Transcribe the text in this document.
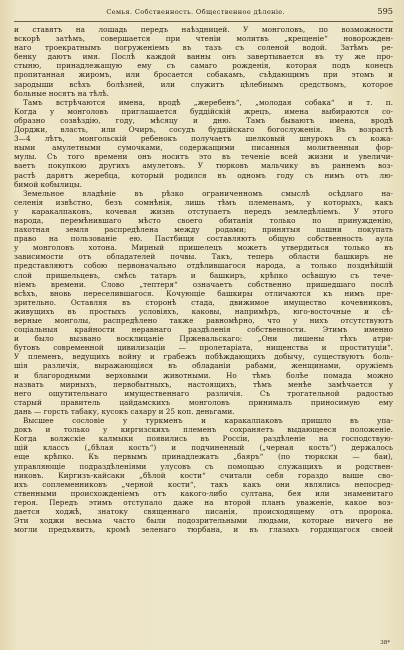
Семья. Собственность. Общественное дѣленіе.	595
и ставятъ на лошадь передъ наѣздницей. У монголовъ, по возможности
вскорѣ затѣмъ, совершается при чтеніи молитвъ „крещеніе“ новорожден-
наго троекратнымъ погруженіемъ въ тазъ съ соленой водой. Затѣмъ ре-
бенку даютъ имя. Послѣ каждой ванны онъ завертывается въ ту же про-
стыню, принадлежащую ему съ самаго рожденія, которая подъ конецъ
пропитанная жиромъ, или бросается собакамъ, съѣдающимъ при этомъ и
зародыши всѣхъ болѣзней, или служитъ цѣлебнымъ средствомъ, которое
больные носятъ на тѣлѣ.
Тамъ встрѣчаются имена, вродѣ „жеребенъ“, „молодая собака“ и т. п.
Когда у монголовъ приглашается буддійскій жрецъ, имена выбираются со-
образно созвѣздію, году, мѣсяцу и дню. Тамъ бываютъ имена, вродѣ
Дорджи, власть, или Очиръ, сосудъ буддійскаго богослуженія. Въ возрастѣ
3—4 лѣтъ, монгольскій ребенокъ получаетъ шелковый шнурокъ съ кожа-
ными амулетными сумочками, содержащими писанныя молитвенныя фор-
мулы. Съ того времени онъ носитъ это въ теченіе всей жизни и увеличи-
ваетъ покупкою другихъ амулетовъ. У тюрковъ мальчику въ раннемъ воз-
растѣ дарятъ жеребца, который родился въ одномъ году съ нимъ отъ лю-
бимой кобылицы.
Земельное владѣніе въ рѣзко ограниченномъ смыслѣ осѣдлаго на-
селенія извѣстно, безъ сомнѣнія, лишь тѣмъ племенамъ, у которыхъ, какъ
у каракалпаковъ, кочевая жизнь отступаетъ передъ земледѣліемъ. У этого
народа, перемѣнившаго мѣсто своего обитанія только по принужденію,
пахотная земля распредѣлена между родами; принятыя пашни покупать
право на пользованіе ею. Пастбищя составляютъ общую собственность аула
у монголовъ хотона. Мирный пришелецъ можетъ утвердиться только въ
зависимости отъ обладателей почвы. Такъ, теперь области башкиръ не
представляютъ собою первоначально отдѣлившагося народа, а только позднѣйшій
слой пришельцевъ, смѣсь татаръ и башкиръ, крѣпко осѣвшую съ тече-
ніемъ времени. Слово „тептеря“ означаетъ собственно пришедшаго послѣ
всѣхъ, вновь переселившагося. Кочующіе башкиры отличаются къ нимъ пре-
зрительно. Оставляя въ сторонѣ стада, движимое имущество кочевниковъ,
живущихъ въ простыхъ условіяхъ, каковы, напримѣръ, юго-восточные и сѣ-
верные монголы, распредѣлено также равномѣрно, что у нихъ отсутствуютъ
соціальныя крайности неравнаго раздѣленія собственности. Этимъ именно
и было вызвано восклицаніе Пржевальскаго: „Они лишены тѣхъ атри-
бутовъ современной цивилизаціи — пролетаріата, нищенства и проституціи“.
У племенъ, ведущихъ войну и грабежъ побѣждающихъ добычу, существуютъ боль-
шія различія, выражающіяся въ обладаніи рабами, женщинами, оружіемъ
и благородными верховыми животными. Но тѣмъ болѣе помада можно
назвать мирныхъ, первобытныхъ, настоящихъ, тѣмъ менѣе замѣчается у
него ощутительнаго имущественнаго различія. Съ трогательной радостью
старый правитель цайдамскихъ монголовъ принималъ приносимую ему
дань — горсть табаку, кусокъ сахару и 25 коп. деньгами.
Высшее сословіе у туркменъ и каракалпаковъ пришло въ упа-
докъ и только у киргизскихъ племенъ сохраняетъ выдающееся положеніе.
Когда волжскіе калмыки появились въ Россіи, раздѣленіе на господствую-
щій классъ („бѣлая кость“) и подчиненный („черная кость“) держалось
еще крѣпко. Къ первымъ принадлежатъ „баяръ“ (по тюркски — баи),
управляющіе подраздѣленіями улусовъ съ помощью служащихъ и родствен-
никовъ. Киргизъ-кайсаки „бѣлой кости“ считали себя гораздо выше сво-
ихъ соплеменниковъ „черной кости“, такъ какъ они являлись непосред-
ственными происхожденіемъ отъ какого-либо султана, бея или знаменитаго
героя. Передъ этимъ отступало даже на второй планъ уваженіе, какое воз-
дается ходжѣ, знатоку священнаго писанія, происходящему отъ пророка.
Эти ходжи весьма часто были подозрительными людьми, которые ничего не
могли предъявить, кромѣ зеленаго тюрбана, и въ глазахъ гордящагося своей
38*
